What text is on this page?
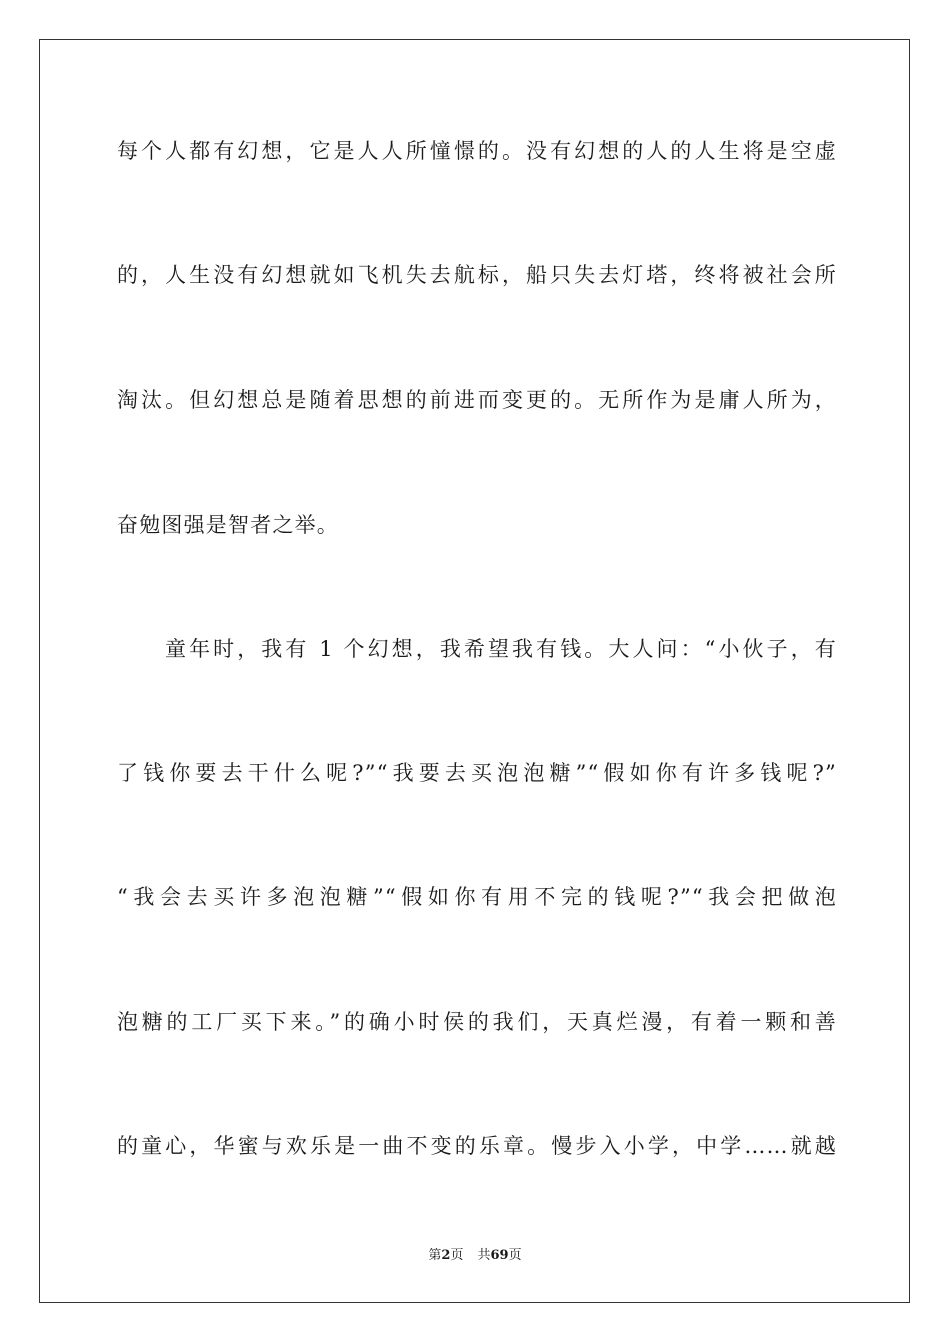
每个人都有幻想，它是人人所憧憬的。没有幻想的人的人生将是空虚
的，人生没有幻想就如飞机失去航标，船只失去灯塔，终将被社会所
淘汰。但幻想总是随着思想的前进而变更的。无所作为是庸人所为，
奋勉图强是智者之举。
童年时，我有 1 个幻想，我希望我有钱。大人问：“小伙子，有
了钱你要去干什么呢?”“我要去买泡泡糖”“假如你有许多钱呢?”
“我会去买许多泡泡糖”“假如你有用不完的钱呢?”“我会把做泡
泡糖的工厂买下来。”的确小时侯的我们，天真烂漫，有着一颗和善
的童心，华蜜与欢乐是一曲不变的乐章。慢步入小学，中学……就越
第2页 共69页
